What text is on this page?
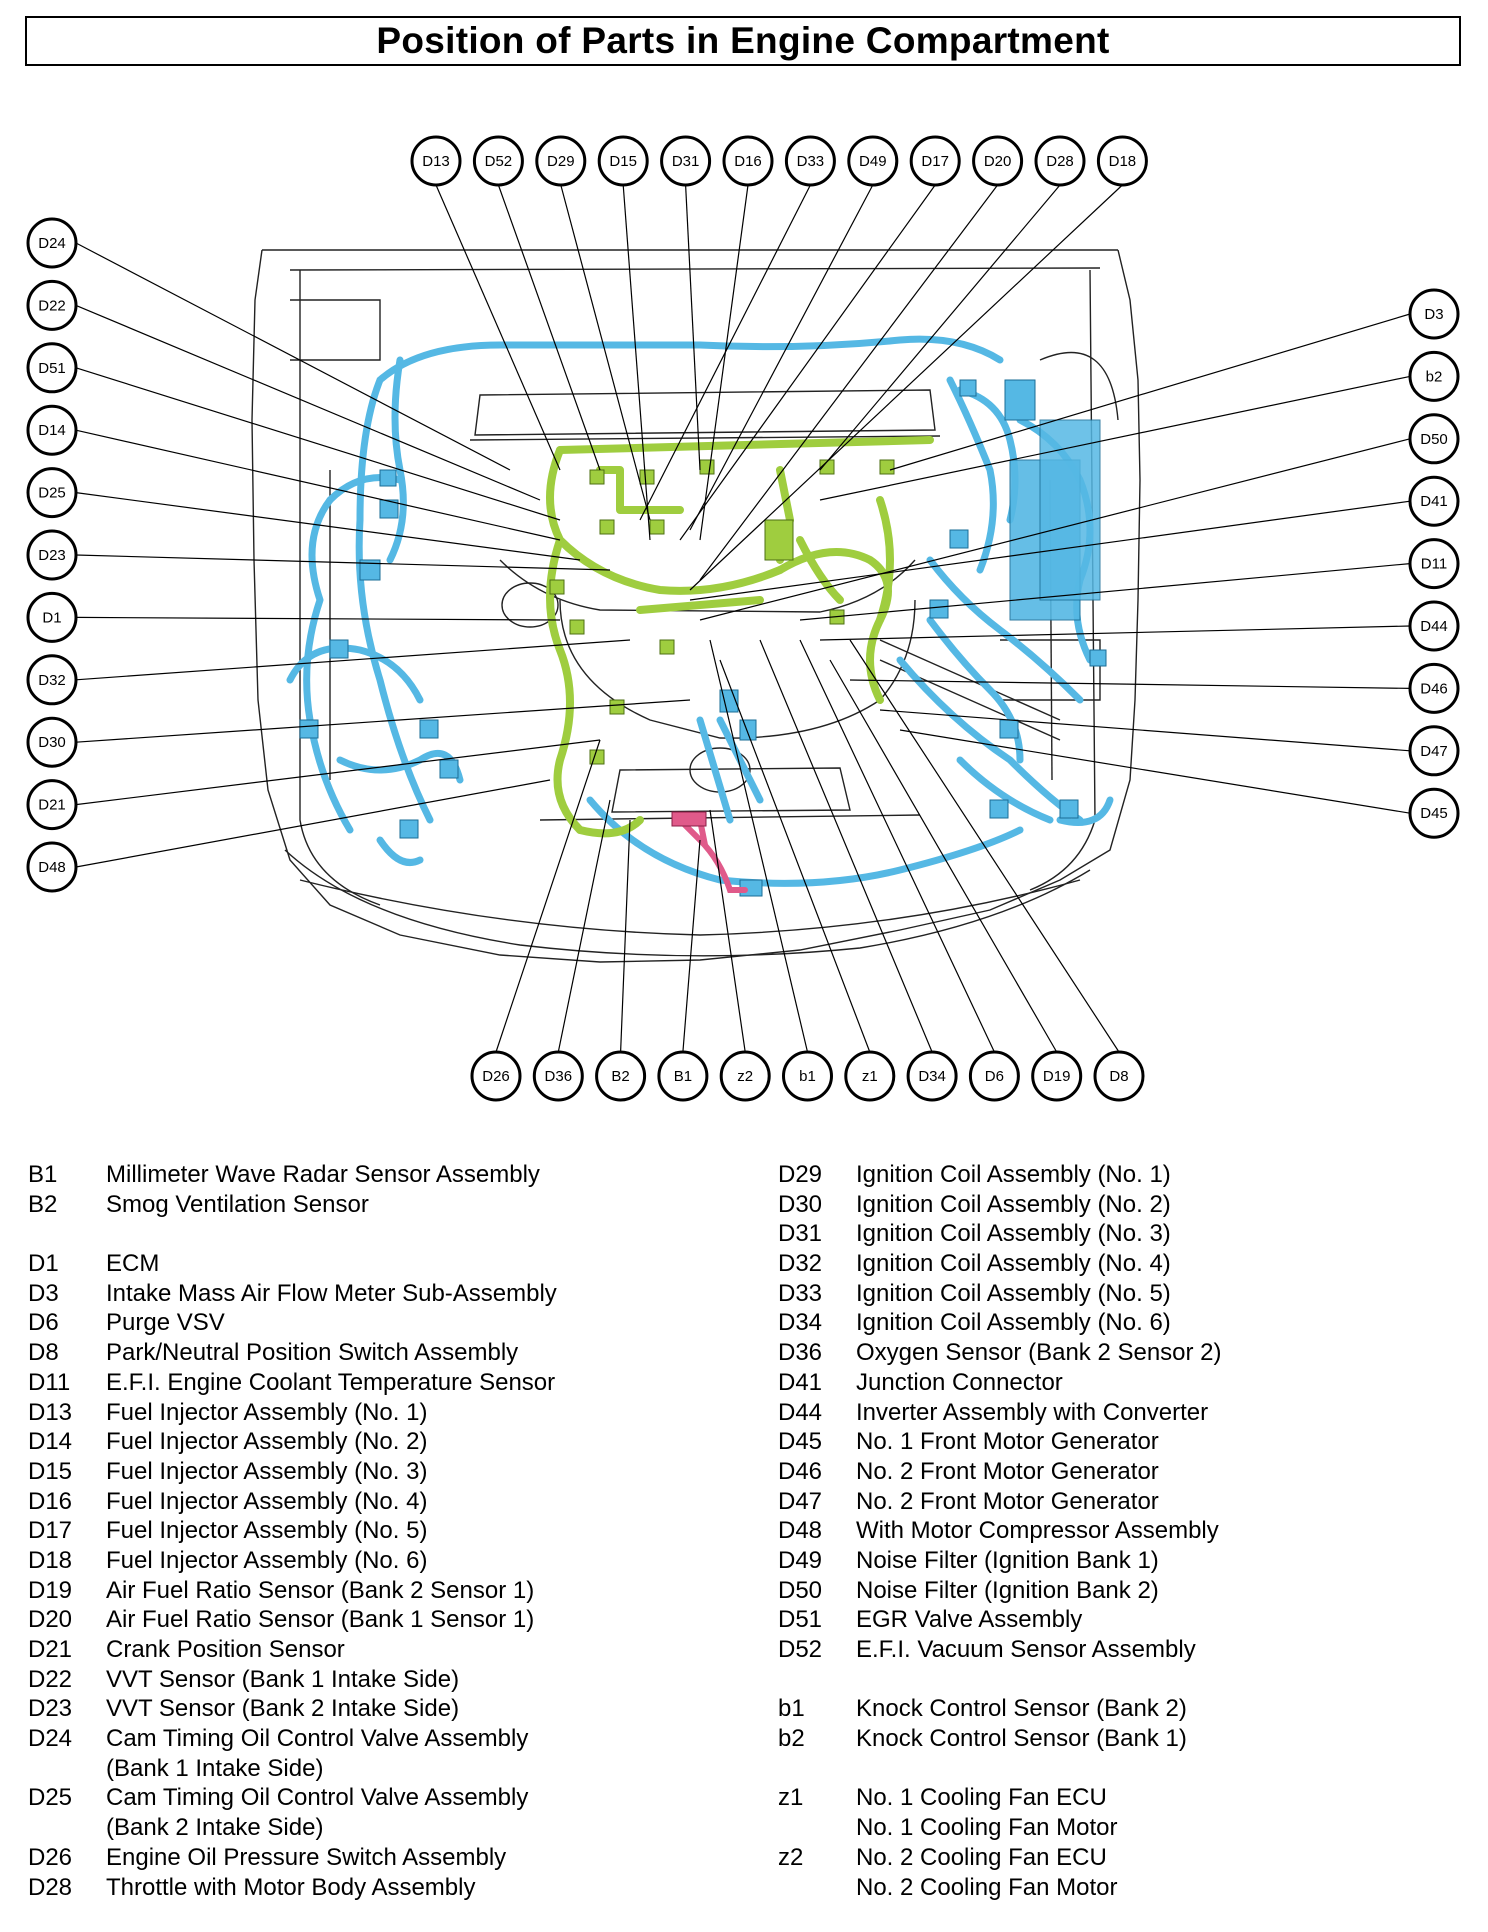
Position of Parts in Engine Compartment
D13 D52 D29 D15 D31 D16 D33 D49 D17 D20 D28 D18
D26 D36	B2	B1	z2	b1	z1	D34	D6	D19	D8
D24
D22
D51
D14
D25
D23
D1
D32
D30
D21
D48
D3
b2
D50
D41
D11
D44
D46
D47
D45
B1	Millimeter Wave Radar Sensor Assembly
B2	Smog Ventilation Sensor
D1	ECM
D3	Intake Mass Air Flow Meter Sub-Assembly
D6	Purge VSV
D8	Park/Neutral Position Switch Assembly
D11	E.F.I. Engine Coolant Temperature Sensor
D13	Fuel Injector Assembly (No. 1)
D14	Fuel Injector Assembly (No. 2)
D15	Fuel Injector Assembly (No. 3)
D16	Fuel Injector Assembly (No. 4)
D17	Fuel Injector Assembly (No. 5)
D18	Fuel Injector Assembly (No. 6)
D19	Air Fuel Ratio Sensor (Bank 2 Sensor 1)
D20	Air Fuel Ratio Sensor (Bank 1 Sensor 1)
D21	Crank Position Sensor
D22	VVT Sensor (Bank 1 Intake Side)
D23	VVT Sensor (Bank 2 Intake Side)
D24	Cam Timing Oil Control Valve Assembly
(Bank 1 Intake Side)
D25	Cam Timing Oil Control Valve Assembly
(Bank 2 Intake Side)
D26	Engine Oil Pressure Switch Assembly
D28	Throttle with Motor Body Assembly
D29	Ignition Coil Assembly (No. 1)
D30	Ignition Coil Assembly (No. 2)
D31	Ignition Coil Assembly (No. 3)
D32	Ignition Coil Assembly (No. 4)
D33	Ignition Coil Assembly (No. 5)
D34	Ignition Coil Assembly (No. 6)
D36	Oxygen Sensor (Bank 2 Sensor 2)
D41	Junction Connector
D44	Inverter Assembly with Converter
D45	No. 1 Front Motor Generator
D46	No. 2 Front Motor Generator
D47	No. 2 Front Motor Generator
D48	With Motor Compressor Assembly
D49	Noise Filter (Ignition Bank 1)
D50	Noise Filter (Ignition Bank 2)
D51	EGR Valve Assembly
D52	E.F.I. Vacuum Sensor Assembly
b1	Knock Control Sensor (Bank 2)
b2	Knock Control Sensor (Bank 1)
z1	No. 1 Cooling Fan ECU
No. 1 Cooling Fan Motor
z2	No. 2 Cooling Fan ECU
No. 2 Cooling Fan Motor
